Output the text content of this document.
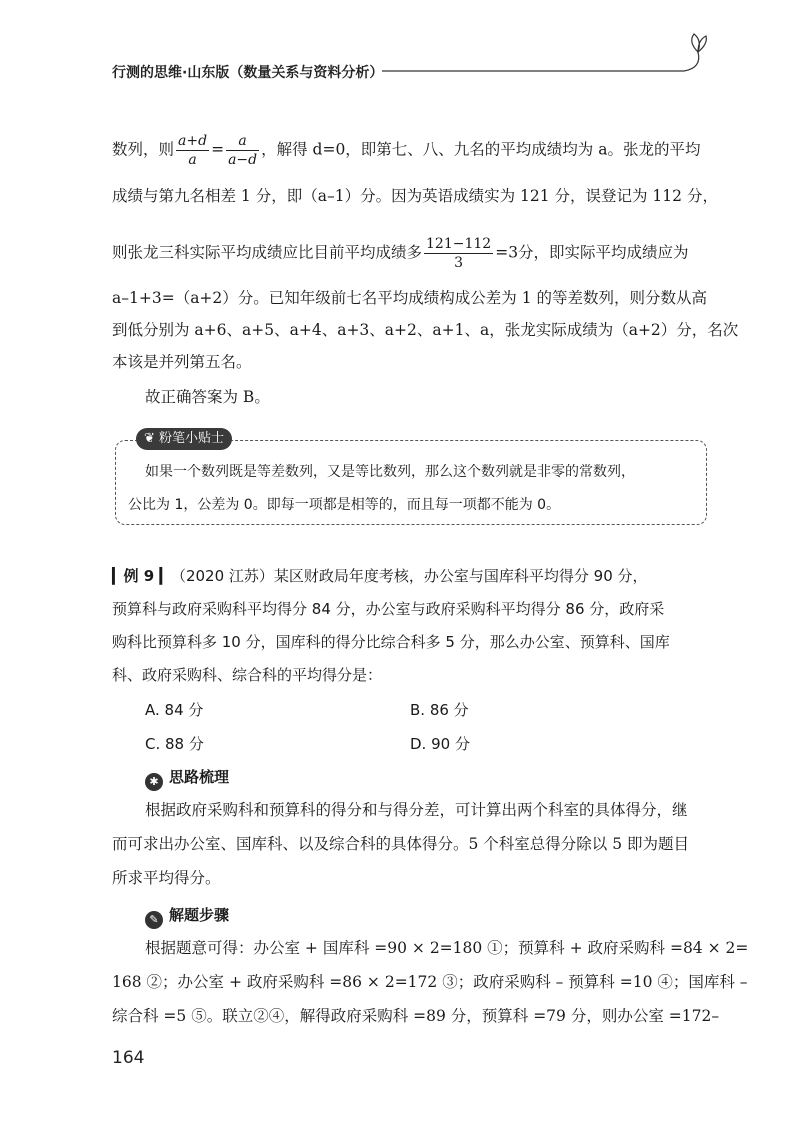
行测的思维·山东版（数量关系与资料分析）
数列，则 $\frac{a+d}{a} = \frac{a}{a-d}$ ，解得 d=0，即第七、八、九名的平均成绩均为 a。张龙的平均
成绩与第九名相差 1 分，即（a–1）分。因为英语成绩实为 121 分，误登记为 112 分，
则张龙三科实际平均成绩应比目前平均成绩多 $\frac{121-112}{3} =3$分，即实际平均成绩应为
a–1+3=（a+2）分。已知年级前七名平均成绩构成公差为 1 的等差数列，则分数从高
到低分别为 a+6、a+5、a+4、a+3、a+2、a+1、a，张龙实际成绩为（a+2）分，名次
本该是并列第五名。
故正确答案为 B。
❦ 粉笔小贴士
如果一个数列既是等差数列，又是等比数列，那么这个数列就是非零的常数列，
公比为 1，公差为 0。即每一项都是相等的，而且每一项都不能为 0。
▎例 9 ▎（2020 江苏）某区财政局年度考核，办公室与国库科平均得分 90 分，
预算科与政府采购科平均得分 84 分，办公室与政府采购科平均得分 86 分，政府采
购科比预算科多 10 分，国库科的得分比综合科多 5 分，那么办公室、预算科、国库
科、政府采购科、综合科的平均得分是：
A. 84 分	B. 86 分
C. 88 分	D. 90 分
✱ 思路梳理
根据政府采购科和预算科的得分和与得分差，可计算出两个科室的具体得分，继
而可求出办公室、国库科、以及综合科的具体得分。5 个科室总得分除以 5 即为题目
所求平均得分。
✎ 解题步骤
根据题意可得：办公室 + 国库科 =90 × 2=180 ①；预算科 + 政府采购科 =84 × 2=
168 ②；办公室 + 政府采购科 =86 × 2=172 ③；政府采购科 – 预算科 =10 ④；国库科 –
综合科 =5 ⑤。联立②④，解得政府采购科 =89 分，预算科 =79 分，则办公室 =172–
164
